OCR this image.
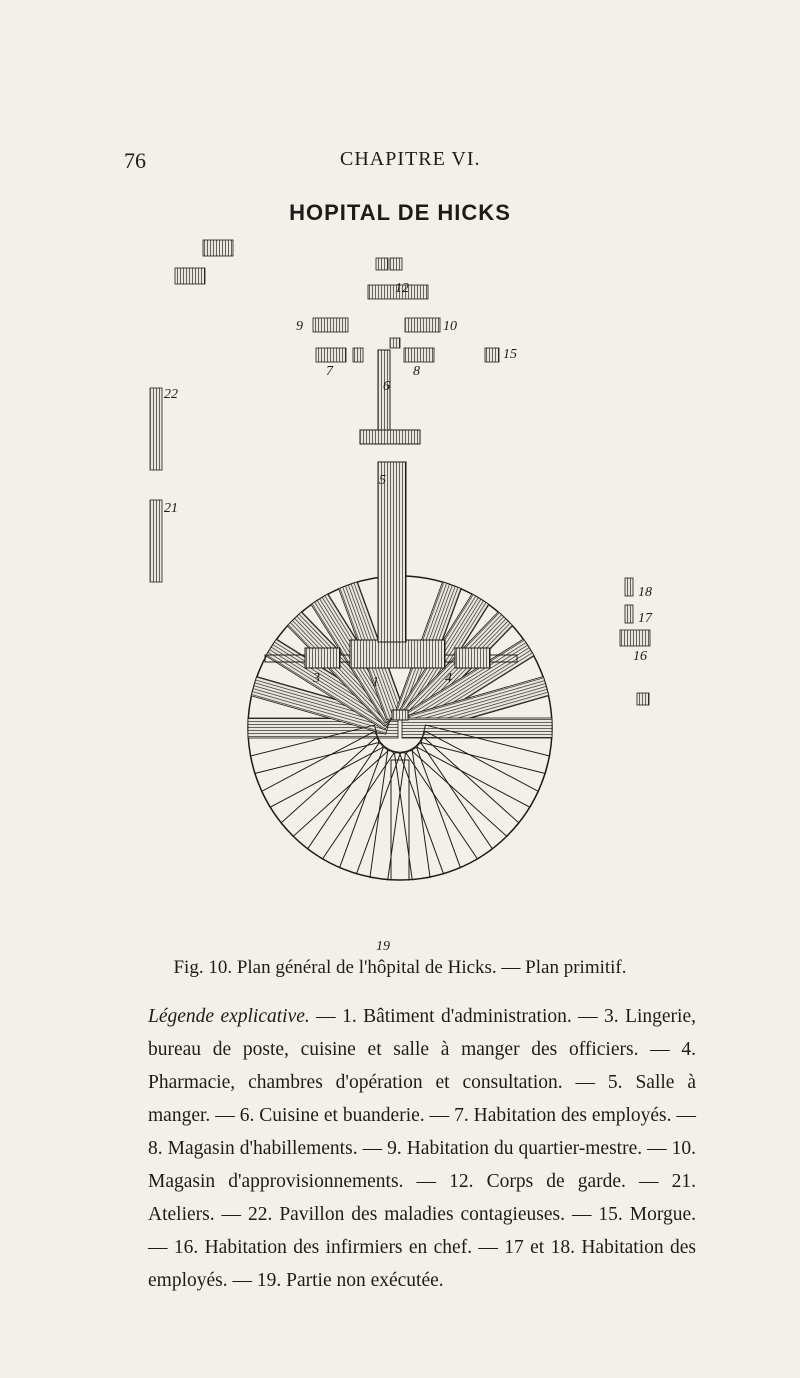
76	CHAPITRE VI.
HOPITAL DE HICKS
12
9	10
15
7	8
6
5
22
21
18
17
16
3	1	4
19
Fig. 10. Plan général de l'hôpital de Hicks. — Plan primitif.
Légende explicative. — 1. Bâtiment d'administration. — 3. Lingerie, bureau de poste, cuisine et salle à manger des officiers. — 4. Pharmacie, chambres d'opération et consultation. — 5. Salle à manger. — 6. Cuisine et buanderie. — 7. Habitation des employés. — 8. Magasin d'habillements. — 9. Habitation du quartier-mestre. — 10. Magasin d'approvisionnements. — 12. Corps de garde. — 21. Ateliers. — 22. Pavillon des maladies contagieuses. — 15. Morgue. — 16. Habitation des infirmiers en chef. — 17 et 18. Habitation des employés. — 19. Partie non exécutée.
